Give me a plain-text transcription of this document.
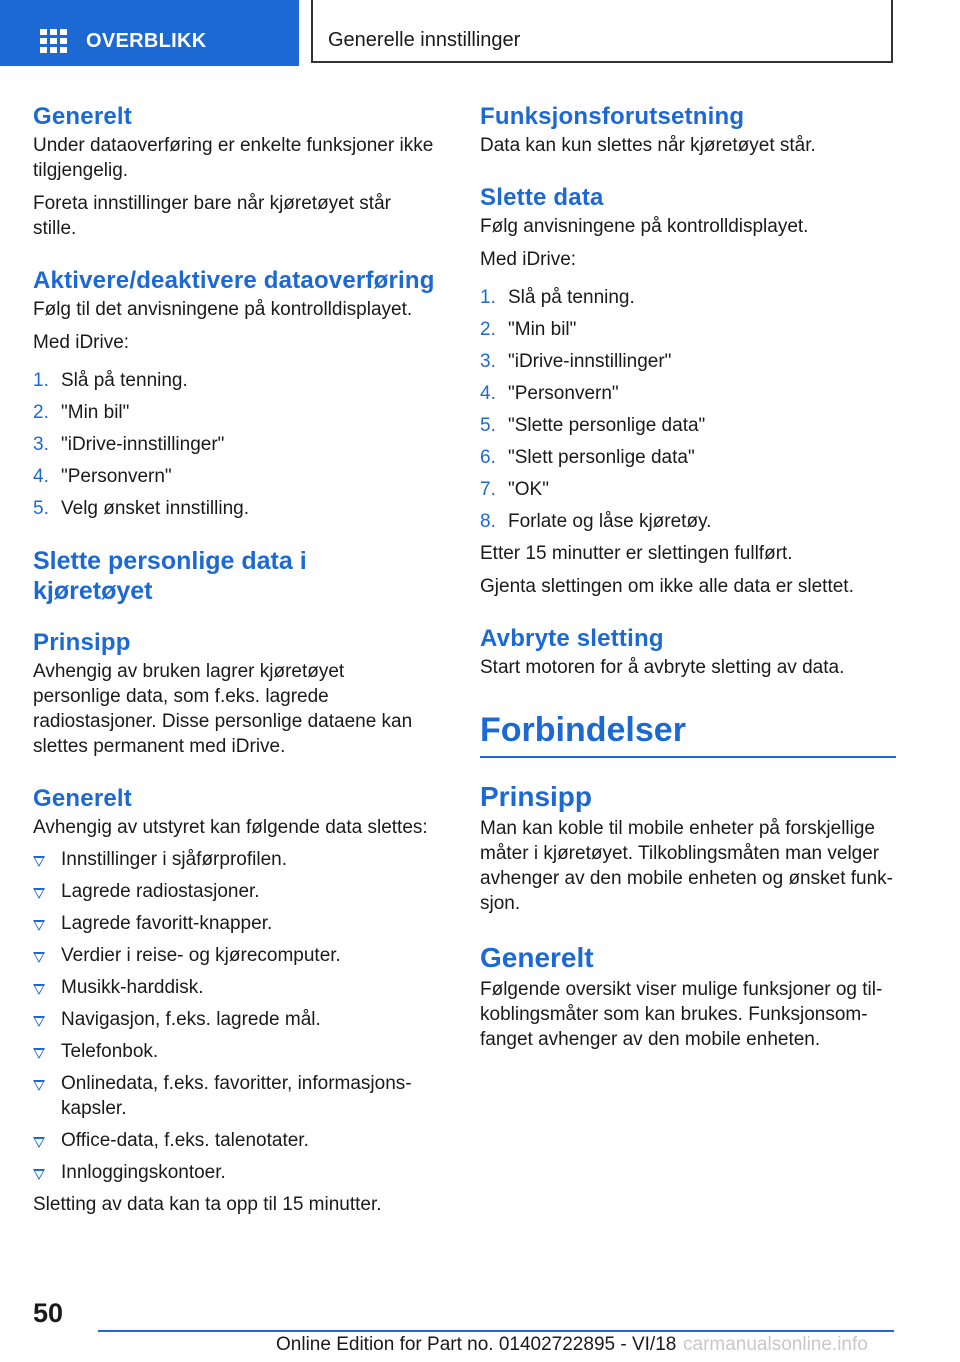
OVERBLIKK	Generelle innstillinger
Generelt

Under dataoverføring er enkelte funksjoner ikke tilgjengelig.

Foreta innstillinger bare når kjøretøyet står stille.

Aktivere/deaktivere dataoverføring

Følg til det anvisningene på kontrolldisplayet.

Med iDrive:

1. Slå på tenning.
2. "Min bil"
3. "iDrive-innstillinger"
4. "Personvern"
5. Velg ønsket innstilling.
Slette personlige data i
kjøretøyet
Prinsipp

Avhengig av bruken lagrer kjøretøyet personlige data, som f.eks. lagrede radiostasjoner. Disse personlige dataene kan slettes permanent med iDrive.

Generelt

Avhengig av utstyret kan følgende data slettes:

Innstillinger i sjåførprofilen.
Lagrede radiostasjoner.
Lagrede favoritt-knapper.
Verdier i reise- og kjørecomputer.
Musikk-harddisk.
Navigasjon, f.eks. lagrede mål.
Telefonbok.
Onlinedata, f.eks. favoritter, informasjons-kapsler.
Office-data, f.eks. talenotater.
Innloggingskontoer.

Sletting av data kan ta opp til 15 minutter.

Funksjonsforutsetning

Data kan kun slettes når kjøretøyet står.

Slette data

Følg anvisningene på kontrolldisplayet.

Med iDrive:

1. Slå på tenning.
2. "Min bil"
3. "iDrive-innstillinger"
4. "Personvern"
5. "Slette personlige data"
6. "Slett personlige data"
7. "OK"
8. Forlate og låse kjøretøy.

Etter 15 minutter er slettingen fullført.

Gjenta slettingen om ikke alle data er slettet.

Avbryte sletting

Start motoren for å avbryte sletting av data.

Forbindelser
Prinsipp

Man kan koble til mobile enheter på forskjellige måter i kjøretøyet. Tilkoblingsmåten man velger avhenger av den mobile enheten og ønsket funk-sjon.

Generelt

Følgende oversikt viser mulige funksjoner og til-koblingsmåter som kan brukes. Funksjonsom-fanget avhenger av den mobile enheten.

50
Online Edition for Part no. 01402722895 - VI/18 carmanualsonline.info
